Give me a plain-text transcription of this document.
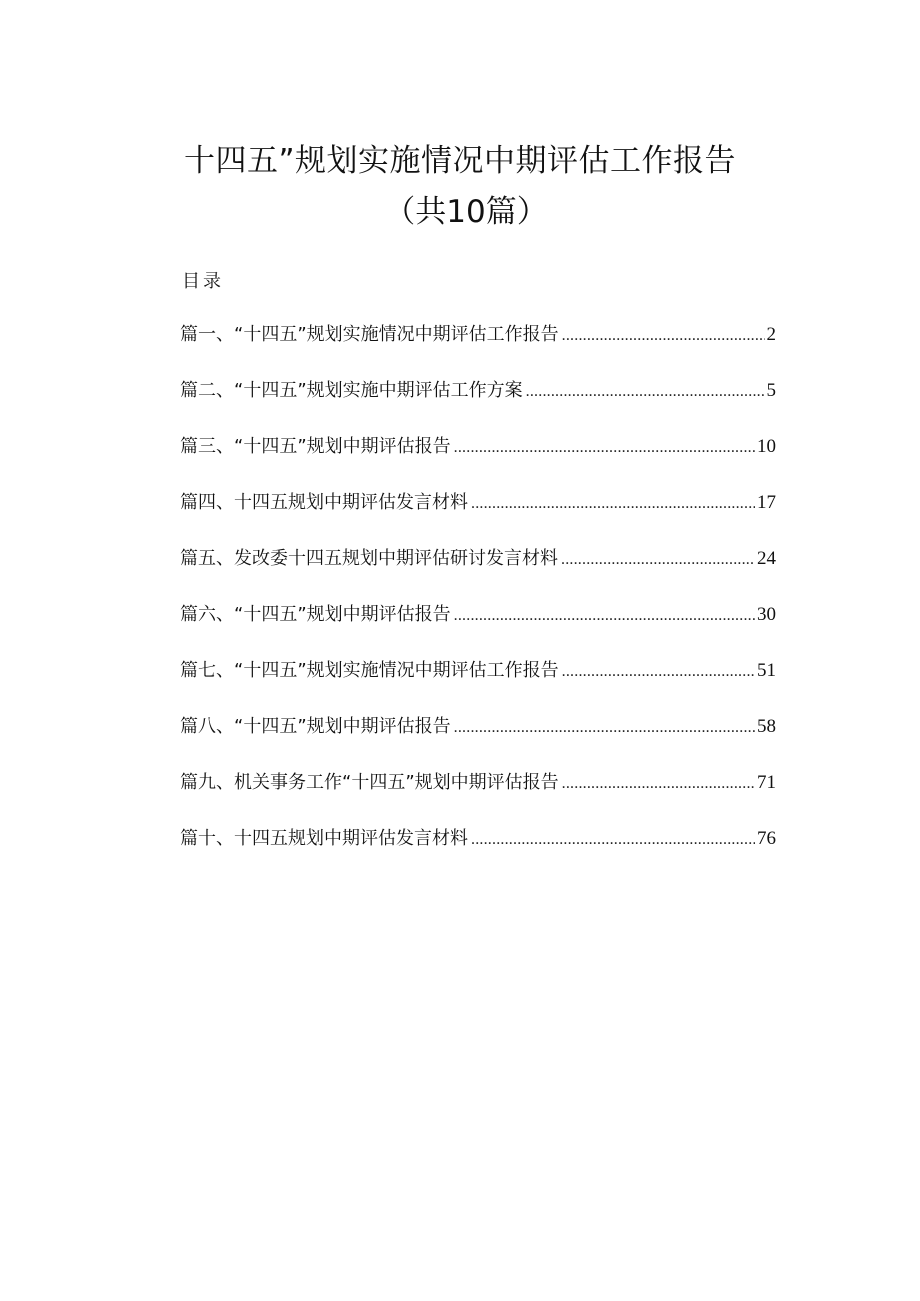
十四五”规划实施情况中期评估工作报告
（共10篇）
目录
篇一、“十四五”规划实施情况中期评估工作报告 .....	2
篇二、“十四五”规划实施中期评估工作方案 .....	5
篇三、“十四五”规划中期评估报告 .....	10
篇四、十四五规划中期评估发言材料 .....	17
篇五、发改委十四五规划中期评估研讨发言材料 .....	24
篇六、“十四五”规划中期评估报告 .....	30
篇七、“十四五”规划实施情况中期评估工作报告 .....	51
篇八、“十四五”规划中期评估报告 .....	58
篇九、机关事务工作“十四五”规划中期评估报告 .....	71
篇十、十四五规划中期评估发言材料 .....	76
